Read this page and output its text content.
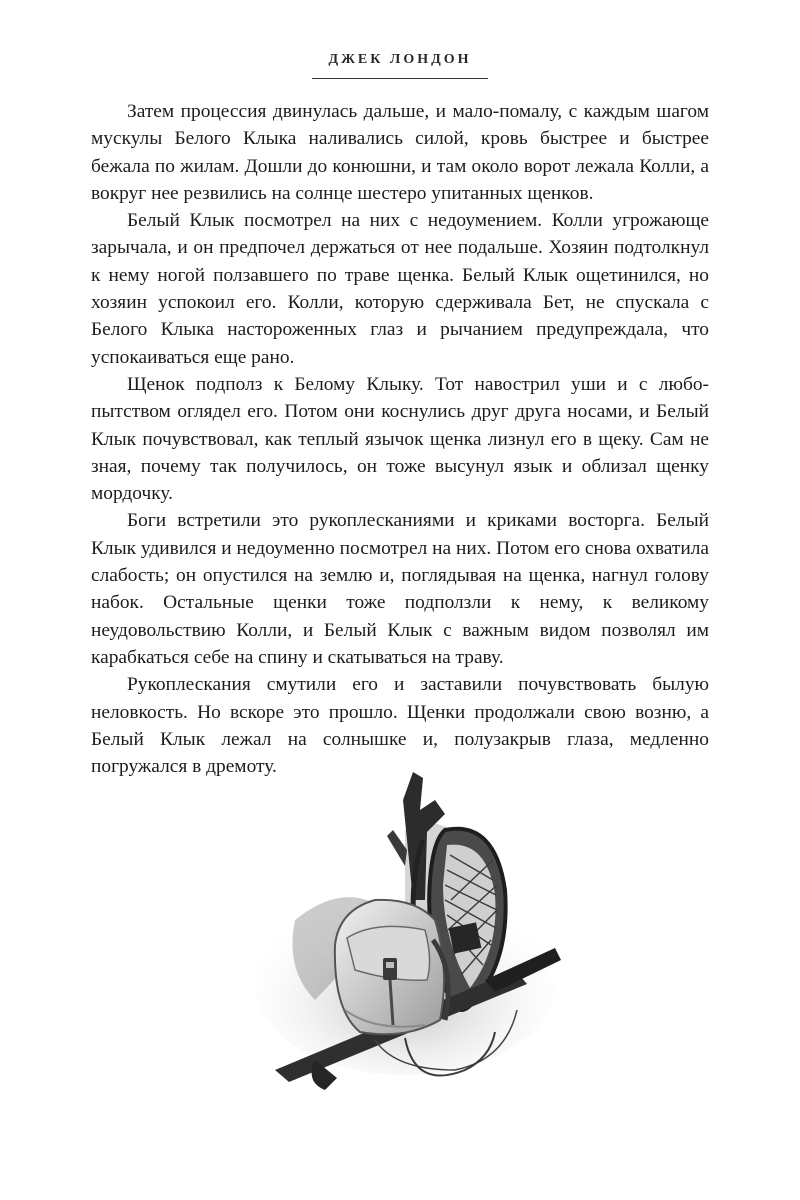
ДЖЕК ЛОНДОН

Затем процессия двинулась дальше, и мало-помалу, с каждым шагом мускулы Белого Клыка наливались силой, кровь быстрее и быстрее бежала по жилам. Дошли до конюшни, и там около ворот лежала Колли, а вокруг нее резвились на солнце шестеро упитанных щенков.

Белый Клык посмотрел на них с недоумением. Колли угрожающе зарычала, и он предпочел держаться от нее подальше. Хозяин подтолкнул к нему ногой ползавшего по траве щенка. Белый Клык ощетинился, но хозяин успокоил его. Колли, которую сдерживала Бет, не спускала с Белого Клыка настороженных глаз и рычанием предупреждала, что успокаиваться еще рано.

Щенок подполз к Белому Клыку. Тот навострил уши и с любопытством оглядел его. Потом они коснулись друг друга носами, и Белый Клык почувствовал, как теплый язычок щенка лизнул его в щеку. Сам не зная, почему так получилось, он тоже высунул язык и облизал щенку мордочку.

Боги встретили это рукоплесканиями и криками восторга. Белый Клык удивился и недоуменно посмотрел на них. Потом его снова охватила слабость; он опустился на землю и, поглядывая на щенка, нагнул голову набок. Остальные щенки тоже подползли к нему, к великому неудовольствию Колли, и Белый Клык с важным видом позволял им карабкаться себе на спину и скатываться на траву.

Рукоплескания смутили его и заставили почувствовать былую неловкость. Но вскоре это прошло. Щенки продолжали свою возню, а Белый Клык лежал на солнышке и, полузакрыв глаза, медленно погружался в дремоту.
